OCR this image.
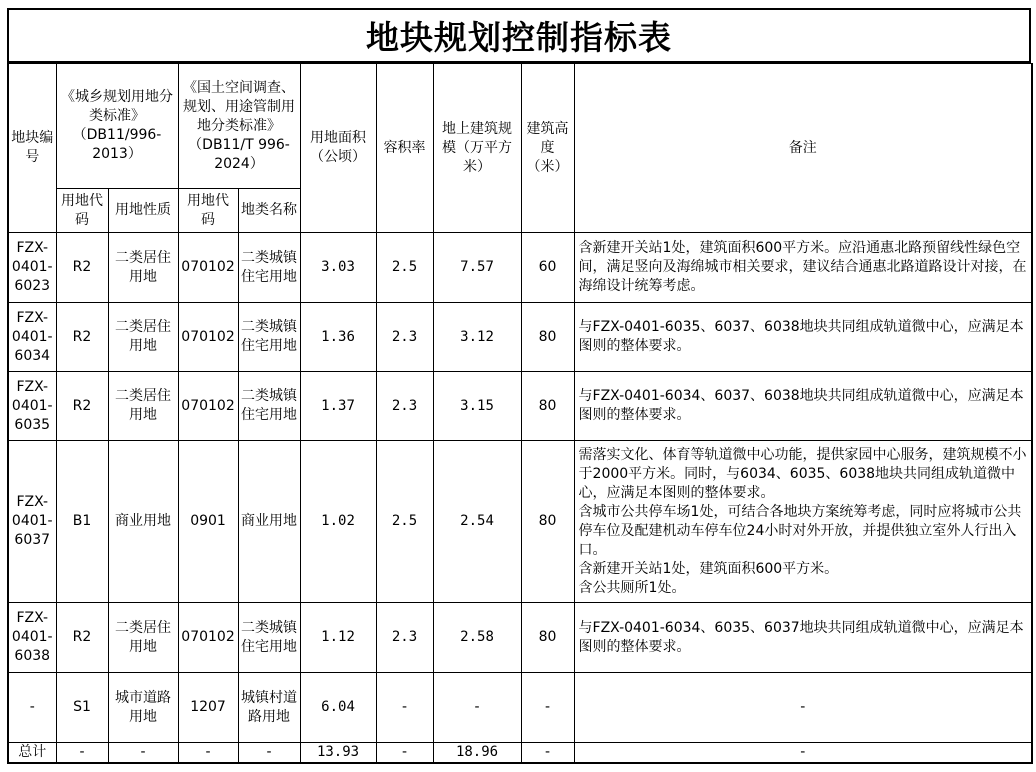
地块规划控制指标表
地块编号	《城乡规划用地分类标准》（DB11/996-2013）		《国土空间调查、规划、用途管制用地分类标准》（DB11/T 996-2024）		用地面积（公顷）	容积率	地上建筑规模（万平方米）	建筑高度（米）	备注
	用地代码	用地性质	用地代码	地类名称					
FZX-0401-6023	R2	二类居住用地	070102	二类城镇住宅用地	3.03	2.5	7.57	60	含新建开关站1处，建筑面积600平方米。应沿通惠北路预留线性绿色空间，满足竖向及海绵城市相关要求，建议结合通惠北路道路设计对接，在海绵设计统筹考虑。

FZX-0401-6034	R2	二类居住用地	070102	二类城镇住宅用地	1.36	2.3	3.12	80	与FZX-0401-6035、6037、6038地块共同组成轨道微中心，应满足本图则的整体要求。

FZX-0401-6035	R2	二类居住用地	070102	二类城镇住宅用地	1.37	2.3	3.15	80	与FZX-0401-6034、6037、6038地块共同组成轨道微中心，应满足本图则的整体要求。

FZX-0401-6037	B1	商业用地	0901	商业用地	1.02	2.5	2.54	80	需落实文化、体育等轨道微中心功能，提供家园中心服务，建筑规模不小于2000平方米。同时，与6034、6035、6038地块共同组成轨道微中心，应满足本图则的整体要求。
含城市公共停车场1处，可结合各地块方案统筹考虑，同时应将城市公共停车位及配建机动车停车位24小时对外开放，并提供独立室外人行出入口。
含新建开关站1处，建筑面积600平方米。
含公共厕所1处。

FZX-0401-6038	R2	二类居住用地	070102	二类城镇住宅用地	1.12	2.3	2.58	80	与FZX-0401-6034、6035、6037地块共同组成轨道微中心，应满足本图则的整体要求。

-	S1	城市道路用地	1207	城镇村道路用地	6.04	-	-	-	-
总计	-	-	-	-	13.93	-	18.96	-	-
